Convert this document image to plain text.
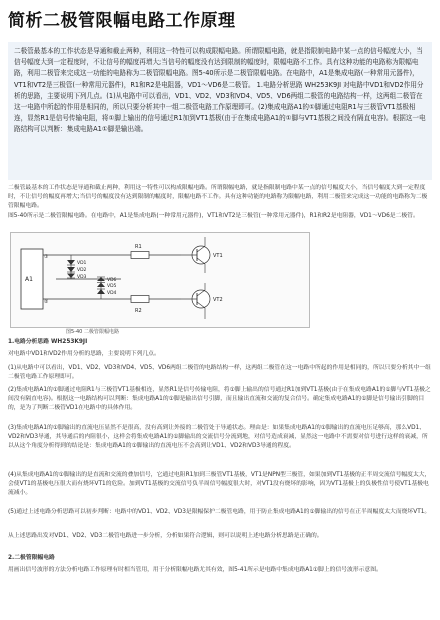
简析二极管限幅电路工作原理
二极管最基本的工作状态是导通和截止两种，利用这一特性可以构成限幅电路。所谓限幅电路，就是指限制电路中某一点的信号幅度大小，当信号幅度大到一定程度时，不让信号的幅度再增大;当信号的幅度没有达到限制的幅度时，限幅电路不工作。具有这种功能的电路称为限幅电路，利用二极管来完成这一功能的电路称为二极管限幅电路。图5-40所示是二极管限幅电路。在电路中，A1是集成电路(一种常用元器件)，VT1和VT2是三极管(一种常用元器件)，R1和R2是电阻器，VD1～VD6是二极管。 1.电路分析思路 WH253K9JI 对电路中VD1和VD2作用分析的思路，主要说明下列几点。(1)从电路中可以看出，VD1、VD2、VD3和VD4、VD5、VD6两组二极管的电路结构一样，这两组二极管在这一电路中所起的作用是相同的，所以只要分析其中一组二极管电路工作原理即可。(2)集成电路A1的①脚通过电阻R1与三极管VT1基极相连，显然R1是信号传输电阻，将①脚上输出的信号通过R1加到VT1基极(由于在集成电路A1的①脚与VT1基极之间没有隔直电容)。根据这一电路结构可以判断：集成电路A1①脚是输出端。

二极管最基本的工作状态是导通和截止两种，利用这一特性可以构成限幅电路。所谓限幅电路，就是指限制电路中某一点的信号幅度大小，当信号幅度大到一定程度时，不让信号的幅度再增大;当信号的幅度没有达到限制的幅度时，限幅电路不工作。具有这种功能的电路称为限幅电路，利用二极管来完成这一功能的电路称为二极管限幅电路。

图5-40所示是二极管限幅电路。在电路中，A1是集成电路(一种常用元器件)，VT1和VT2是三极管(一种常用元器件)，R1和R2是电阻器，VD1～VD6是二极管。

A1
①
②
R1
R2
VD1
VD2
VD3
VD4
VD5
VD6
VT1
VT2
图5-40 二极管限幅电路

1.电路分析思路 WH253K9JI

对电路中VD1和VD2作用分析的思路，主要说明下列几点。

(1)从电路中可以看出，VD1、VD2、VD3和VD4、VD5、VD6两组二极管的电路结构一样，这两组二极管在这一电路中所起的作用是相同的，所以只要分析其中一组二极管电路工作原理即可。

(2)集成电路A1的①脚通过电阻R1与三极管VT1基极相连，显然R1是信号传输电阻，将①脚上输出的信号通过R1加到VT1基极(由于在集成电路A1的①脚与VT1基极之间没有隔直电容)。根据这一电路结构可以判断：集成电路A1的①脚是输出信号引脚，而且输出直流和交流的复合信号。确定集成电路A1的①脚是信号输出引脚的目的，是为了判断二极管VD1在电路中的具体作用。

(3)集成电路A1的①脚输出的直流电压显然不是很高，没有高到让外接的二极管处于导通状态。理由是：如果集成电路A1的①脚输出的直流电压足够高，那么VD1、VD2和VD3导通，其导通后的内阻很小，这样会将集成电路A1的①脚输出的交流信号分流到地，对信号造成衰减，显然这一电路中不需要对信号进行这样的衰减，所以从这个角度分析得到的结论是：集成电路A1的①脚输出的直流电压不会高到让VD1、VD2和VD3导通的程度。

(4)从集成电路A1的①脚输出的是直流和交流的叠加信号，它通过电阻R1加到三极管VT1基极，VT1是NPN型三极管，如果加到VT1基极的正半周交流信号幅度太大，会使VT1的基极电压很大而有烧坏VT1的危险。加到VT1基极的交流信号负半周信号幅度很大时，对VT1没有烧坏的影响，因为VT1基极上的负极性信号使VT1基极电流减小。

(5)通过上述电路分析思路可以初步判断：电路中的VD1、VD2、VD3是限幅保护二极管电路，用于防止集成电路A1的①脚输出的信号在正半周幅度太大而烧坏VT1。

从上述思路出发对VD1、VD2、VD3二极管电路进一步分析，分析如果符合逻辑，则可以说明上述电路分析思路是正确的。

2.二极管限幅电路

用画出信号波形的方法分析电路工作原理有时相当管用，用于分析限幅电路尤其有效，图5-41所示是电路中集成电路A1①脚上的信号波形示意图。
